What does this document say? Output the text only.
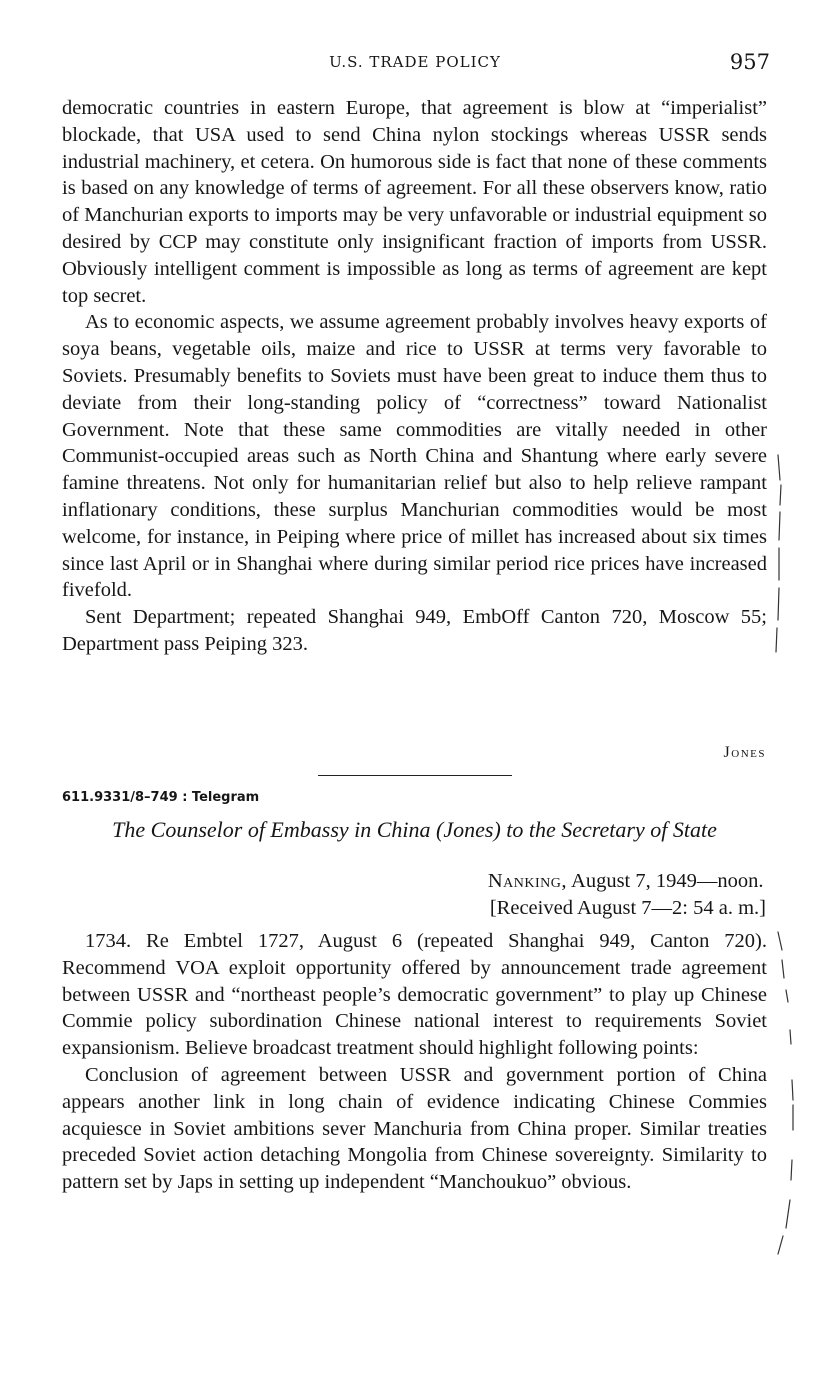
U.S. TRADE POLICY	957

democratic countries in eastern Europe, that agreement is blow at “imperialist” blockade, that USA used to send China nylon stockings whereas USSR sends industrial machinery, et cetera. On humorous side is fact that none of these comments is based on any knowledge of terms of agreement. For all these observers know, ratio of Manchurian exports to imports may be very unfavorable or industrial equipment so desired by CCP may constitute only insignificant fraction of imports from USSR. Obviously intelligent comment is impossible as long as terms of agreement are kept top secret.

As to economic aspects, we assume agreement probably involves heavy exports of soya beans, vegetable oils, maize and rice to USSR at terms very favorable to Soviets. Presumably benefits to Soviets must have been great to induce them thus to deviate from their long-standing policy of “correctness” toward Nationalist Government. Note that these same commodities are vitally needed in other Communist-occupied areas such as North China and Shantung where early severe famine threatens. Not only for humanitarian relief but also to help relieve rampant inflationary conditions, these surplus Manchurian commodities would be most welcome, for instance, in Peiping where price of millet has increased about six times since last April or in Shanghai where during similar period rice prices have increased fivefold.

Sent Department; repeated Shanghai 949, EmbOff Canton 720, Moscow 55; Department pass Peiping 323.

Jones
611.9331/8–749 : Telegram
The Counselor of Embassy in China (Jones) to the Secretary of State
Nanking, August 7, 1949—noon.
[Received August 7—2: 54 a. m.]

1734. Re Embtel 1727, August 6 (repeated Shanghai 949, Canton 720). Recommend VOA exploit opportunity offered by announcement trade agreement between USSR and “northeast people’s democratic government” to play up Chinese Commie policy subordination Chinese national interest to requirements Soviet expansionism. Believe broadcast treatment should highlight following points:

Conclusion of agreement between USSR and government portion of China appears another link in long chain of evidence indicating Chinese Commies acquiesce in Soviet ambitions sever Manchuria from China proper. Similar treaties preceded Soviet action detaching Mongolia from Chinese sovereignty. Similarity to pattern set by Japs in setting up independent “Manchoukuo” obvious.
